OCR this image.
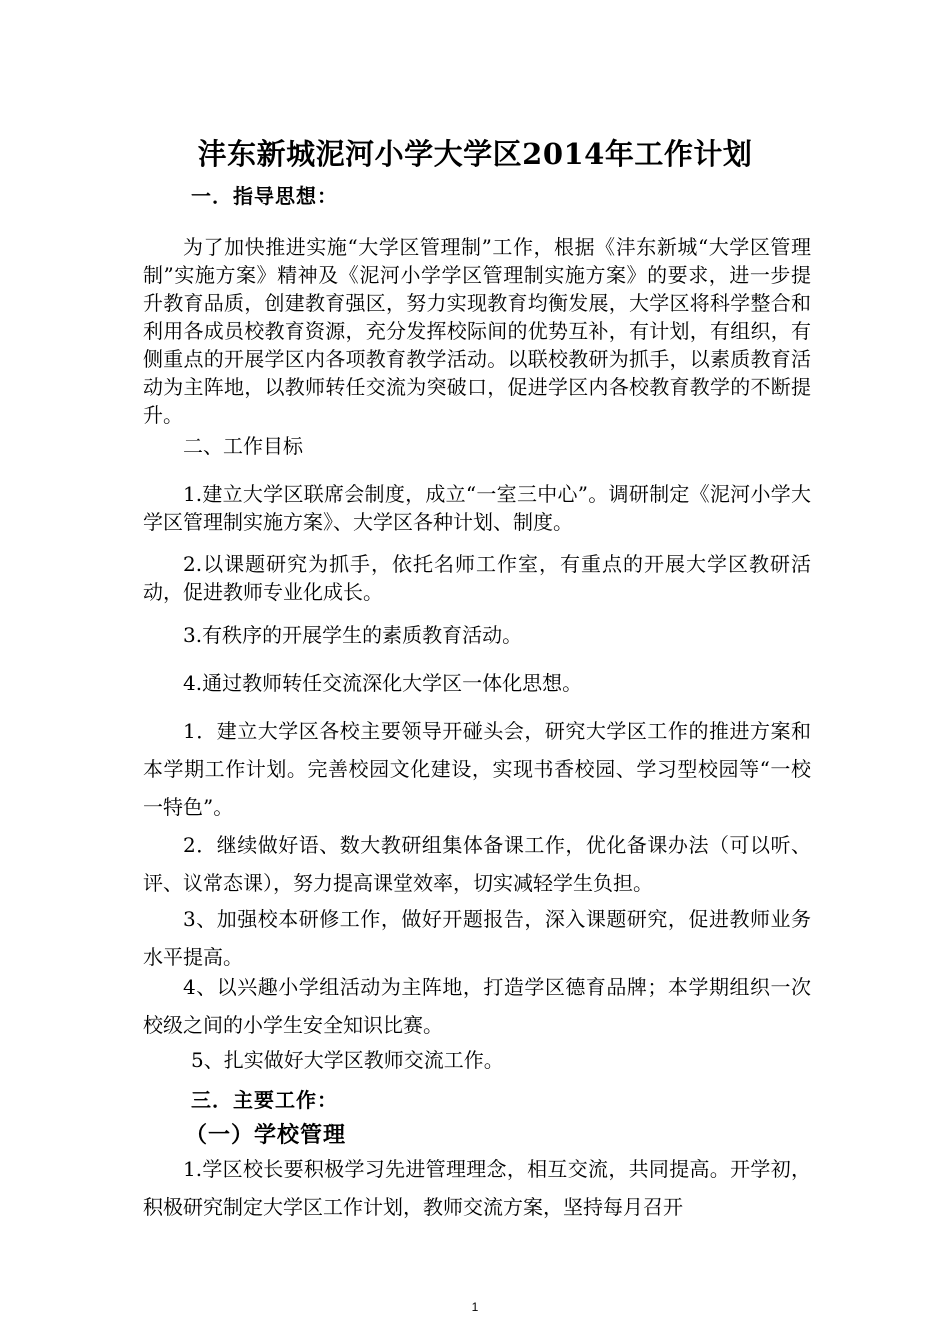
沣东新城泥河小学大学区2014年工作计划
一．指导思想：
为了加快推进实施“大学区管理制”工作，根据《沣东新城“大学区管理制”实施方案》精神及《泥河小学学区管理制实施方案》的要求，进一步提升教育品质，创建教育强区，努力实现教育均衡发展，大学区将科学整合和利用各成员校教育资源，充分发挥校际间的优势互补，有计划，有组织，有侧重点的开展学区内各项教育教学活动。以联校教研为抓手，以素质教育活动为主阵地，以教师转任交流为突破口，促进学区内各校教育教学的不断提升。
二、工作目标
1.建立大学区联席会制度，成立“一室三中心”。调研制定《泥河小学大学区管理制实施方案》、大学区各种计划、制度。
2.以课题研究为抓手，依托名师工作室，有重点的开展大学区教研活动，促进教师专业化成长。
3.有秩序的开展学生的素质教育活动。
4.通过教师转任交流深化大学区一体化思想。
1．建立大学区各校主要领导开碰头会，研究大学区工作的推进方案和本学期工作计划。完善校园文化建设，实现书香校园、学习型校园等“一校一特色”。
2．继续做好语、数大教研组集体备课工作，优化备课办法（可以听、评、议常态课），努力提高课堂效率，切实减轻学生负担。
3、加强校本研修工作，做好开题报告，深入课题研究，促进教师业务水平提高。
4、以兴趣小学组活动为主阵地，打造学区德育品牌；本学期组织一次校级之间的小学生安全知识比赛。
5、扎实做好大学区教师交流工作。
三．主要工作：
（一）学校管理
1.学区校长要积极学习先进管理理念，相互交流，共同提高。开学初，积极研究制定大学区工作计划，教师交流方案，坚持每月召开
1
